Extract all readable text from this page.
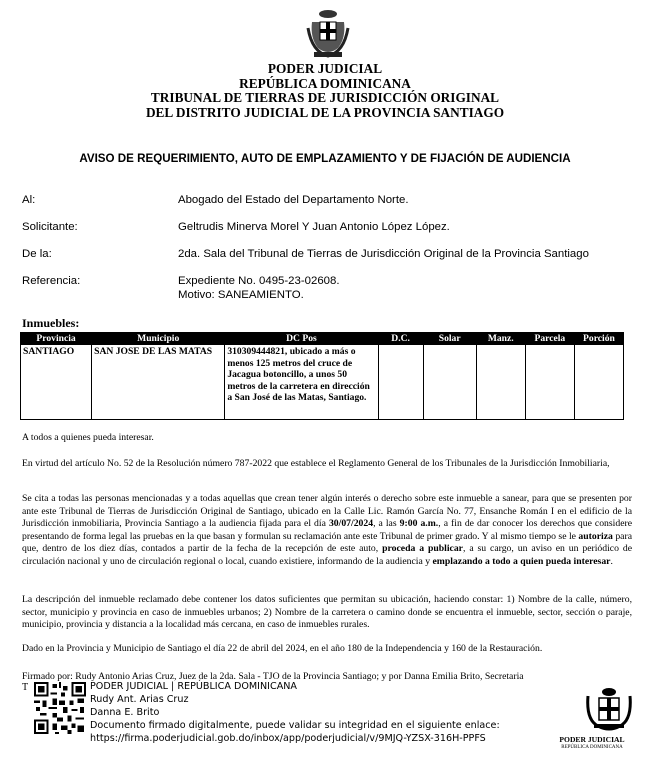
PODER JUDICIAL
REPÚBLICA DOMINICANA
TRIBUNAL DE TIERRAS DE JURISDICCIÓN ORIGINAL
DEL DISTRITO JUDICIAL DE LA PROVINCIA SANTIAGO
AVISO DE REQUERIMIENTO, AUTO DE EMPLAZAMIENTO Y DE FIJACIÓN DE AUDIENCIA
Al:	Abogado del Estado del Departamento Norte.
Solicitante:	Geltrudis Minerva Morel Y Juan Antonio López López.
De la:	2da. Sala del Tribunal de Tierras de Jurisdicción Original de la Provincia Santiago
Referencia:	Expediente No. 0495-23-02608.
Motivo: SANEAMIENTO.
Inmuebles:
Provincia	Municipio	DC Pos	D.C.	Solar	Manz.	Parcela	Porción
SANTIAGO	SAN JOSE DE LAS MATAS	310309444821, ubicado a más o menos 125 metros del cruce de Jacagua botoncillo, a unos 50 metros de la carretera en dirección a San José de las Matas, Santiago.					
A todos a quienes pueda interesar.
En virtud del artículo No. 52 de la Resolución número 787-2022 que establece el Reglamento General de los Tribunales de la Jurisdicción Inmobiliaria,
Se cita a todas las personas mencionadas y a todas aquellas que crean tener algún interés o derecho sobre este inmueble a sanear, para que se presenten por ante este Tribunal de Tierras de Jurisdicción Original de Santiago, ubicado en la Calle Lic. Ramón García No. 77, Ensanche Román I en el edificio de la Jurisdicción inmobiliaria, Provincia Santiago a la audiencia fijada para el día 30/07/2024, a las 9:00 a.m., a fin de dar conocer los derechos que considere presentando de forma legal las pruebas en la que basan y formulan su reclamación ante este Tribunal de primer grado. Y al mismo tiempo se le autoriza para que, dentro de los diez días, contados a partir de la fecha de la recepción de este auto, proceda a publicar, a su cargo, un aviso en un periódico de circulación nacional y uno de circulación regional o local, cuando existiere, informando de la audiencia y emplazando a todo a quien pueda interesar.
La descripción del inmueble reclamado debe contener los datos suficientes que permitan su ubicación, haciendo constar: 1) Nombre de la calle, número, sector, municipio y provincia en caso de inmuebles urbanos; 2) Nombre de la carretera o camino donde se encuentra el inmueble, sector, sección o paraje, municipio, provincia y distancia a la localidad más cercana, en caso de inmuebles rurales.
Dado en la Provincia y Municipio de Santiago el día 22 de abril del 2024, en el año 180 de la Independencia y 160 de la Restauración.
Firmado por: Rudy Antonio Arias Cruz, Juez de la 2da. Sala - TJO de la Provincia Santiago; y por Danna Emilia Brito, Secretaria
T	PODER JUDICIAL | REPÚBLICA DOMINICANA
Rudy Ant. Arias Cruz
Danna E. Brito
Documento firmado digitalmente, puede validar su integridad en el siguiente enlace:
https://firma.poderjudicial.gob.do/inbox/app/poderjudicial/v/9MJQ-YZSX-316H-PPFS	PODER JUDICIAL
REPÚBLICA DOMINICANA
